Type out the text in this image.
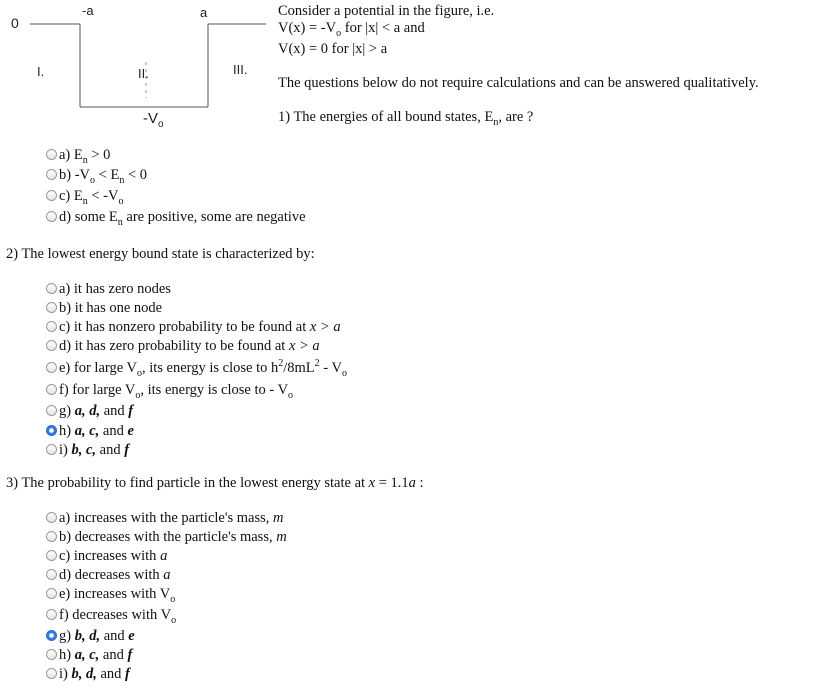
0
-a	a
I.	II.	III.
$-V_o$
Consider a potential in the figure, i.e.
$V(x) = -V_o$ for |x| < a and
V(x) = 0 for |x| > a
The questions below do not require calculations and can be answered qualitatively.
1) The energies of all bound states, $E_n$, are ?
a) $E_n > 0$
b) $-V_o < E_n < 0$
c) $E_n < -V_o$
d) some $E_n$ are positive, some are negative
2) The lowest energy bound state is characterized by:
a) it has zero nodes
b) it has one node
c) it has nonzero probability to be found at x > a
d) it has zero probability to be found at x > a
e) for large $V_o$, its energy is close to $h^2/8mL^2 - V_o$
f) for large $V_o$, its energy is close to - $V_o$
g) a, d, and f
h) a, c, and e
i) b, c, and f
3) The probability to find particle in the lowest energy state at x = 1.1a :
a) increases with the particle's mass, m
b) decreases with the particle's mass, m
c) increases with a
d) decreases with a
e) increases with $V_o$
f) decreases with $V_o$
g) b, d, and e
h) a, c, and f
i) b, d, and f
